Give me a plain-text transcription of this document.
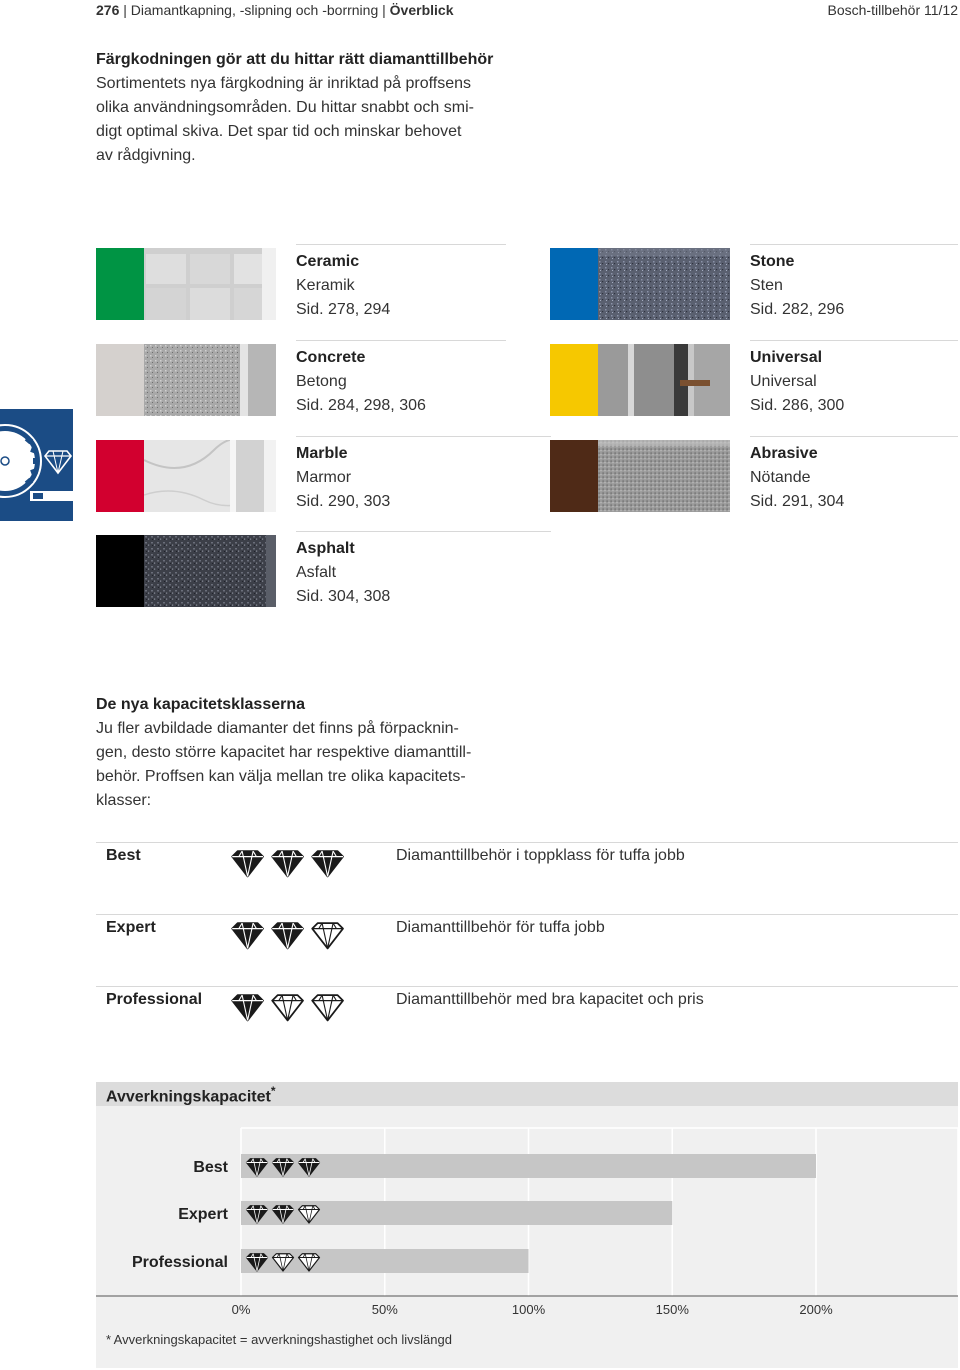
276 | Diamantkapning, -slipning och -borrning | Överblick	Bosch-tillbehör 11/12
Färgkodningen gör att du hittar rätt diamanttillbehör
Sortimentets nya färgkodning är inriktad på proffsens
olika användningsområden. Du hittar snabbt och smi-
digt optimal skiva. Det spar tid och minskar behovet
av rådgivning.
Ceramic
Keramik
Sid. 278, 294
Stone
Sten
Sid. 282, 296
Concrete
Betong
Sid. 284, 298, 306
Universal
Universal
Sid. 286, 300
Marble
Marmor
Sid. 290, 303
Abrasive
Nötande
Sid. 291, 304
Asphalt
Asfalt
Sid. 304, 308
De nya kapacitetsklasserna
Ju fler avbildade diamanter det finns på förpacknin-
gen, desto större kapacitet har respektive diamanttill-
behör. Proffsen kan välja mellan tre olika kapacitets-
klasser:
Best	Diamanttillbehör i toppklass för tuffa jobb
Expert	Diamanttillbehör för tuffa jobb
Professional	Diamanttillbehör med bra kapacitet och pris
Avverkningskapacitet*
Best
Expert
Professional
0%	50%	100%	150%	200%
* Avverkningskapacitet = avverkningshastighet och livslängd
